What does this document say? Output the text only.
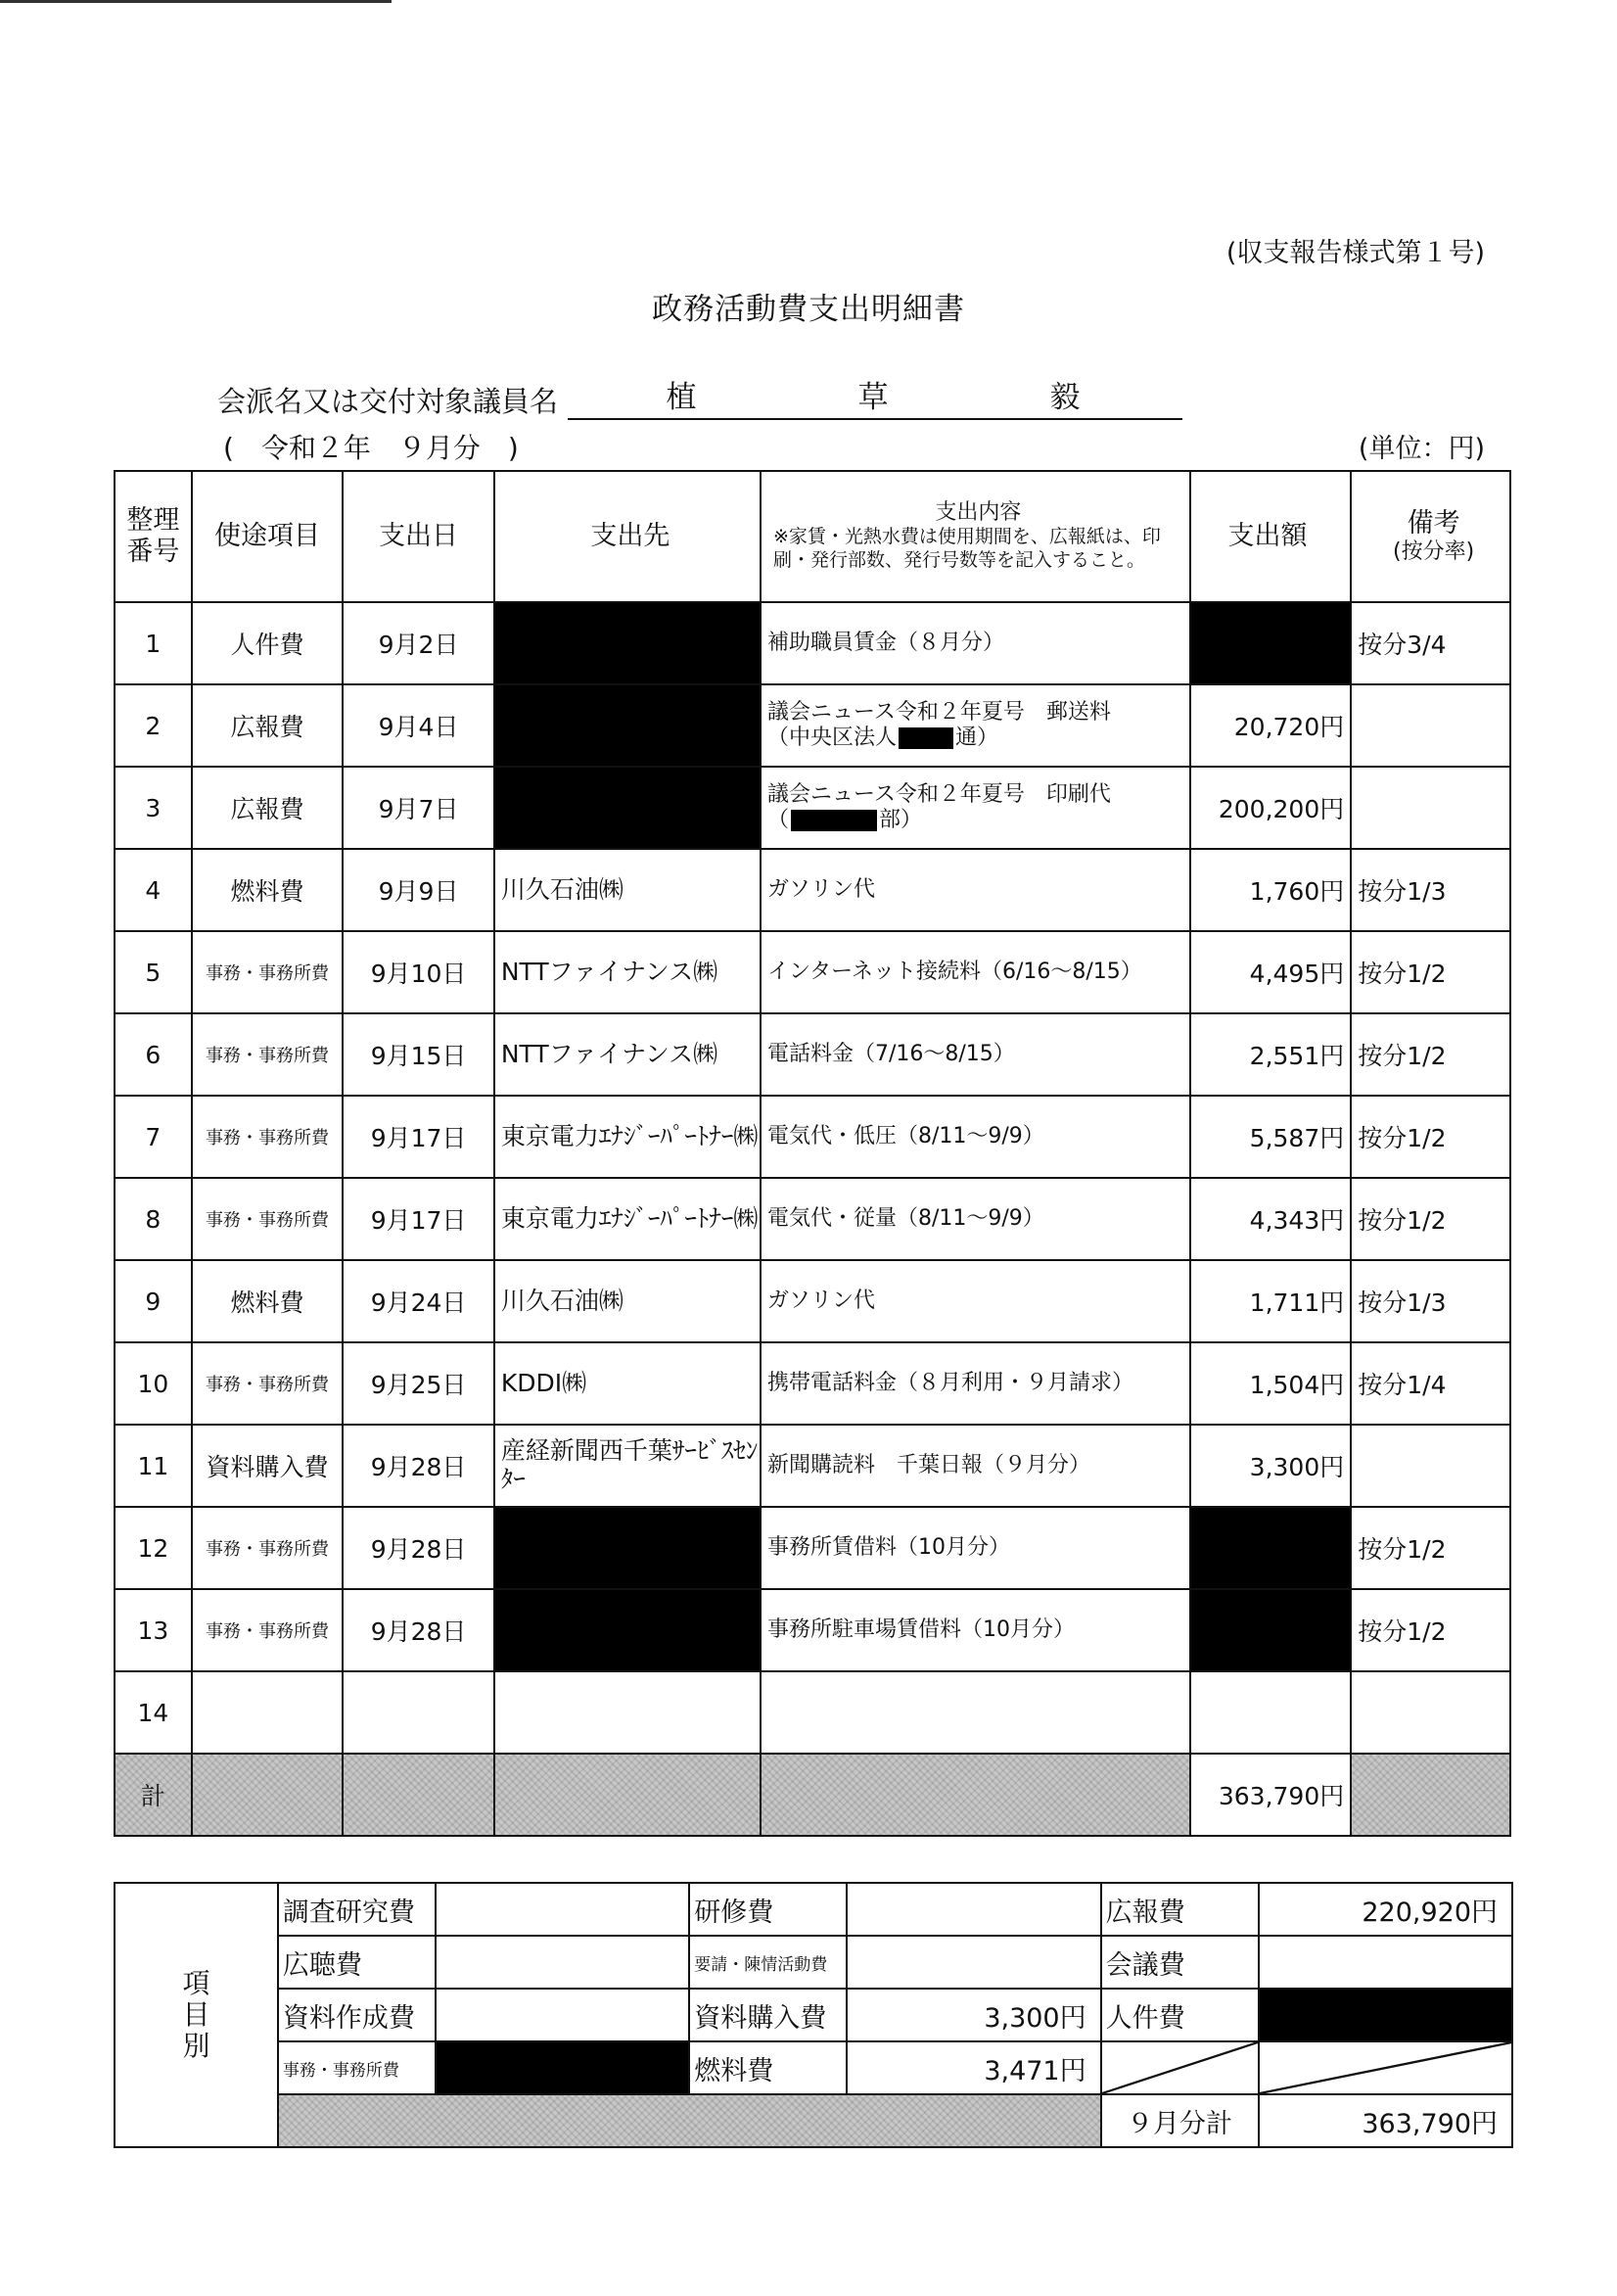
(収支報告様式第１号)
政務活動費支出明細書
会派名又は交付対象議員名	植	草	毅
(　令和２年　９月分　)	(単位：円)
整理番号	使途項目	支出日	支出先	支出内容
※家賃・光熱水費は使用期間を、広報紙は、印刷・発行部数、発行号数等を記入すること。	支出額	備考
(按分率)

1	人件費	9月2日		補助職員賃金（８月分）		按分3/4
2	広報費	9月4日		議会ニュース令和２年夏号　郵送料
（中央区法人 通）	20,720円	
3	広報費	9月7日		議会ニュース令和２年夏号　印刷代
（ 部）	200,200円	
4	燃料費	9月9日	川久石油㈱	ガソリン代	1,760円	按分1/3
5	事務・事務所費	9月10日	NTTファイナンス㈱	インターネット接続料（6/16～8/15）	4,495円	按分1/2
6	事務・事務所費	9月15日	NTTファイナンス㈱	電話料金（7/16～8/15）	2,551円	按分1/2
7	事務・事務所費	9月17日	東京電力ｴﾅｼﾞｰﾊﾟｰﾄﾅｰ㈱	電気代・低圧（8/11～9/9）	5,587円	按分1/2
8	事務・事務所費	9月17日	東京電力ｴﾅｼﾞｰﾊﾟｰﾄﾅｰ㈱	電気代・従量（8/11～9/9）	4,343円	按分1/2
9	燃料費	9月24日	川久石油㈱	ガソリン代	1,711円	按分1/3
10	事務・事務所費	9月25日	KDDI㈱	携帯電話料金（８月利用・９月請求）	1,504円	按分1/4
11	資料購入費	9月28日	産経新聞西千葉ｻｰﾋﾞｽｾﾝﾀｰ	新聞購読料　千葉日報（９月分）	3,300円	
12	事務・事務所費	9月28日		事務所賃借料（10月分）		按分1/2
13	事務・事務所費	9月28日		事務所駐車場賃借料（10月分）		按分1/2
14				

計					363,790円	
項
目
別	調査研究費		研修費		広報費	220,920円
	広聴費		要請・陳情活動費		会議費	
	資料作成費		資料購入費	3,300円	人件費	
	事務・事務所費		燃料費	3,471円	

					９月分計	363,790円
